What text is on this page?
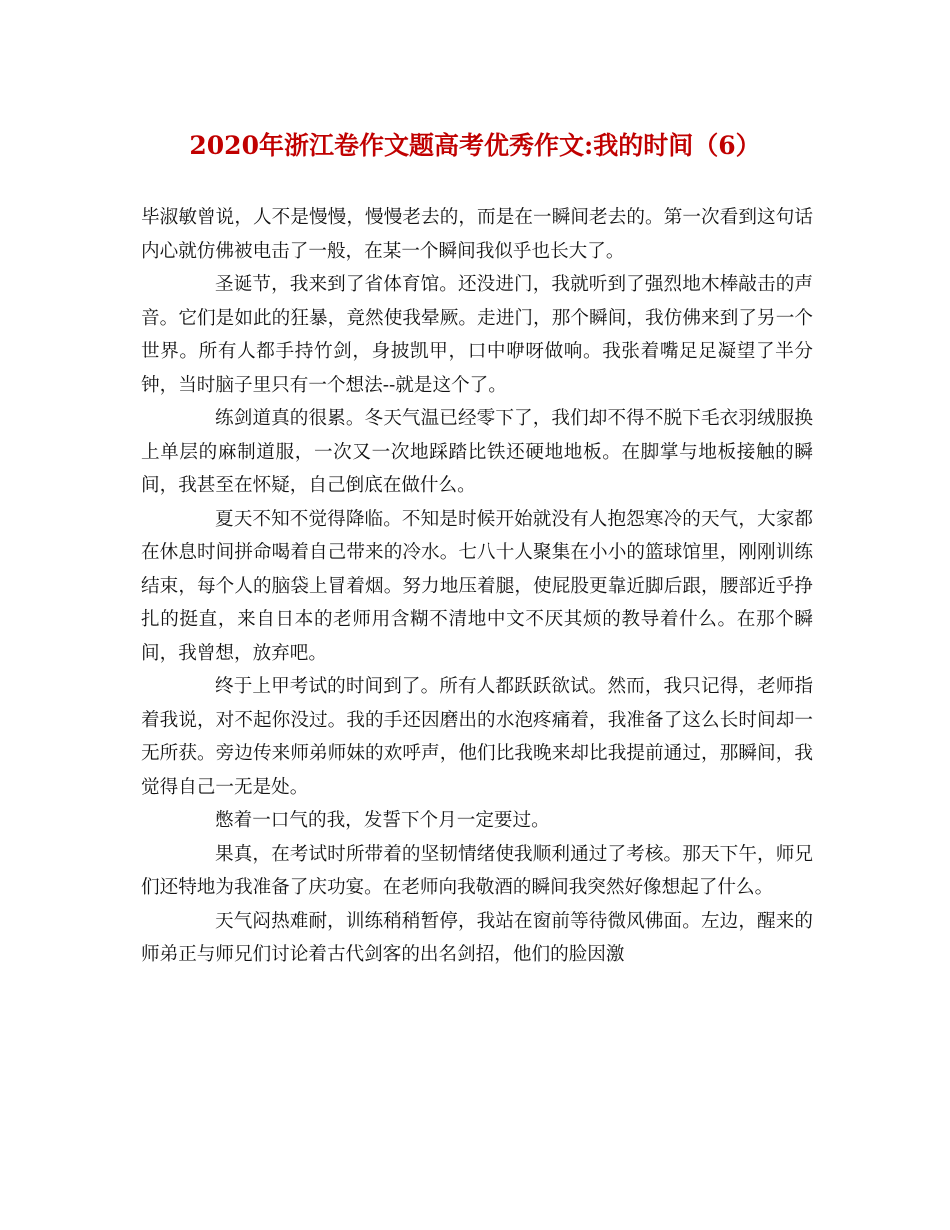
2020年浙江卷作文题高考优秀作文:我的时间（6）

毕淑敏曾说，人不是慢慢，慢慢老去的，而是在一瞬间老去的。第一次看到这句话内心就仿佛被电击了一般，在某一个瞬间我似乎也长大了。

圣诞节，我来到了省体育馆。还没进门，我就听到了强烈地木棒敲击的声音。它们是如此的狂暴，竟然使我晕厥。走进门，那个瞬间，我仿佛来到了另一个世界。所有人都手持竹剑，身披凯甲，口中咿呀做响。我张着嘴足足凝望了半分钟，当时脑子里只有一个想法--就是这个了。

练剑道真的很累。冬天气温已经零下了，我们却不得不脱下毛衣羽绒服换上单层的麻制道服，一次又一次地踩踏比铁还硬地地板。在脚掌与地板接触的瞬间，我甚至在怀疑，自己倒底在做什么。

夏天不知不觉得降临。不知是时候开始就没有人抱怨寒冷的天气，大家都在休息时间拼命喝着自己带来的冷水。七八十人聚集在小小的篮球馆里，刚刚训练结束，每个人的脑袋上冒着烟。努力地压着腿，使屁股更靠近脚后跟，腰部近乎挣扎的挺直，来自日本的老师用含糊不清地中文不厌其烦的教导着什么。在那个瞬间，我曾想，放弃吧。

终于上甲考试的时间到了。所有人都跃跃欲试。然而，我只记得，老师指着我说，对不起你没过。我的手还因磨出的水泡疼痛着，我准备了这么长时间却一无所获。旁边传来师弟师妹的欢呼声，他们比我晚来却比我提前通过，那瞬间，我觉得自己一无是处。

憋着一口气的我，发誓下个月一定要过。

果真，在考试时所带着的坚韧情绪使我顺利通过了考核。那天下午，师兄们还特地为我准备了庆功宴。在老师向我敬酒的瞬间我突然好像想起了什么。

天气闷热难耐，训练稍稍暂停，我站在窗前等待微风佛面。左边，醒来的师弟正与师兄们讨论着古代剑客的出名剑招，他们的脸因激
